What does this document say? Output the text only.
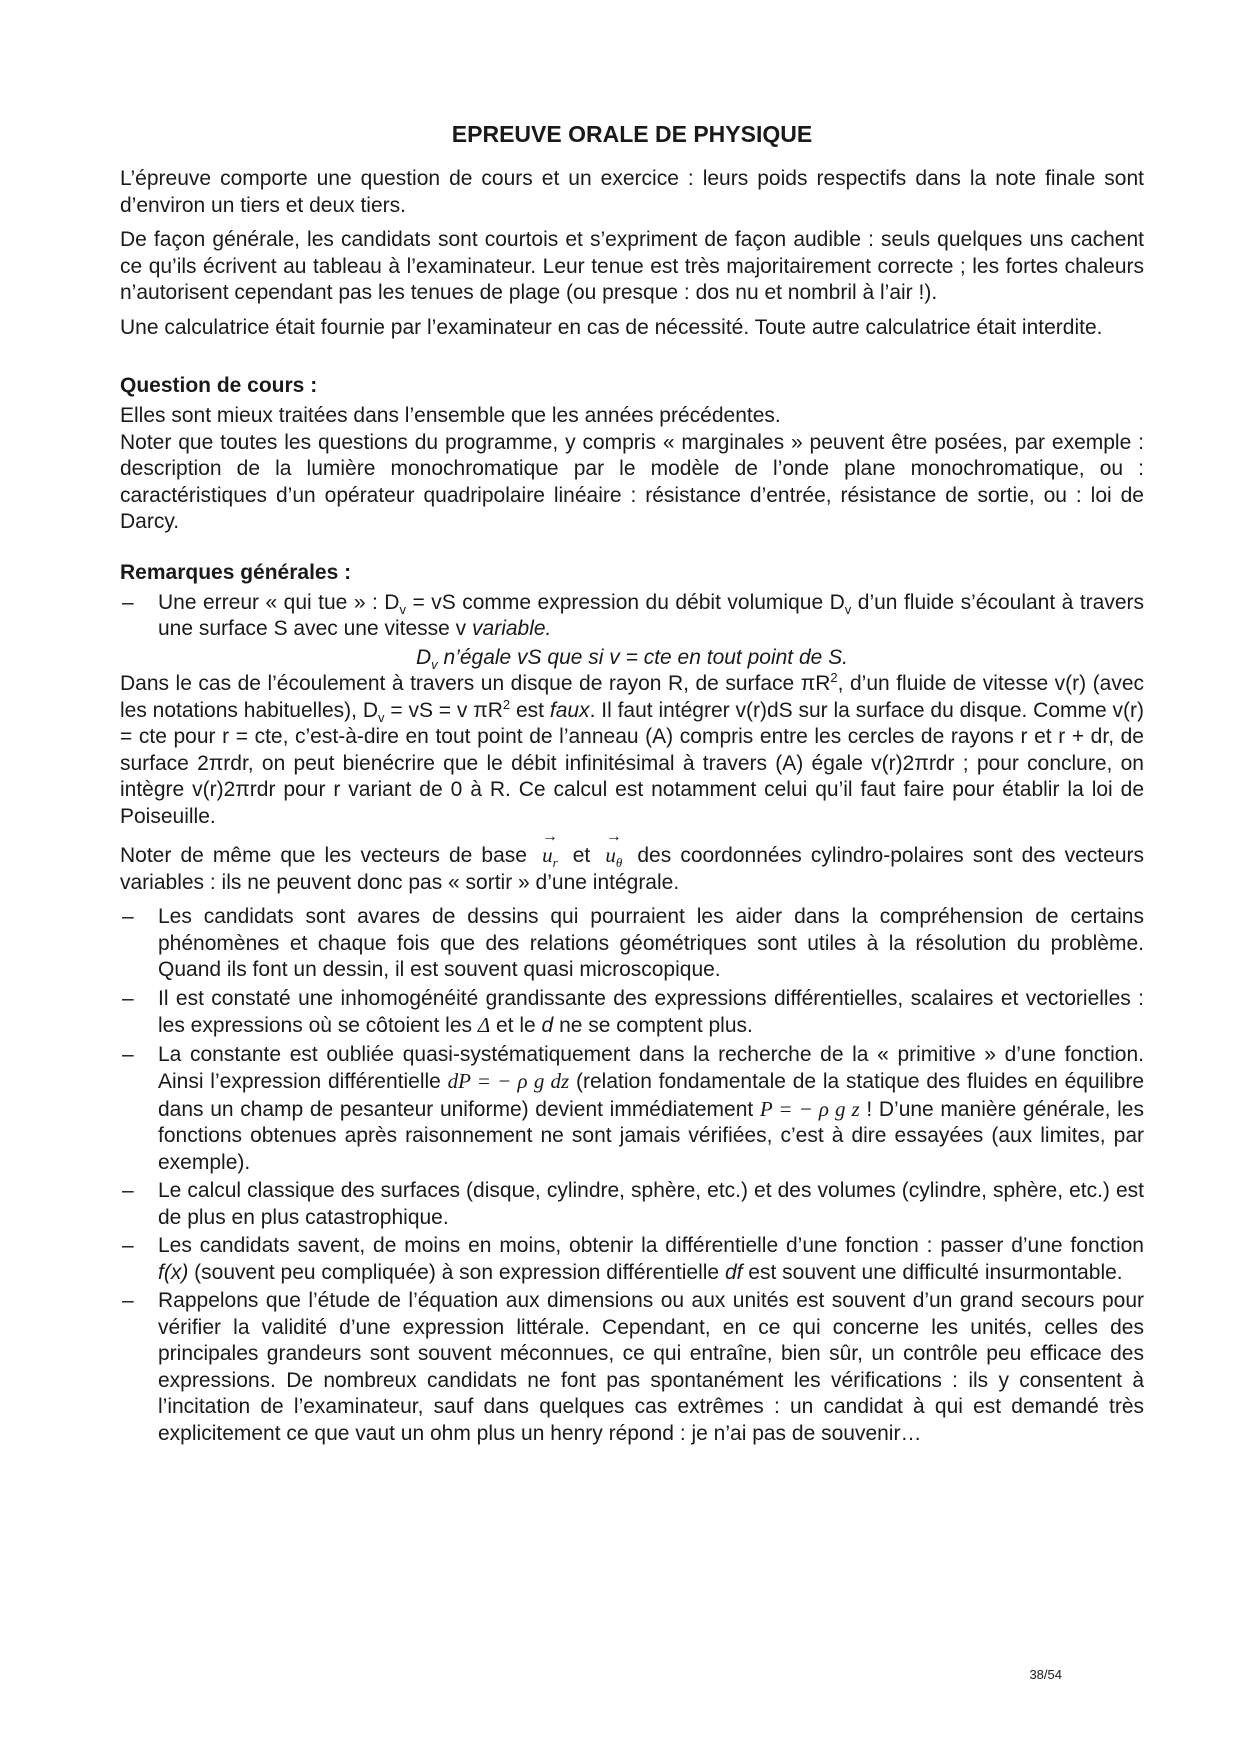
EPREUVE ORALE DE PHYSIQUE

L’épreuve comporte une question de cours et un exercice : leurs poids respectifs dans la note finale sont d’environ un tiers et deux tiers.

De façon générale, les candidats sont courtois et s’expriment de façon audible : seuls quelques uns cachent ce qu’ils écrivent au tableau à l’examinateur. Leur tenue est très majoritairement correcte ; les fortes chaleurs n’autorisent cependant pas les tenues de plage (ou presque : dos nu et nombril à l’air !).

Une calculatrice était fournie par l’examinateur en cas de nécessité. Toute autre calculatrice était interdite.

Question de cours :
Elles sont mieux traitées dans l’ensemble que les années précédentes.

Noter que toutes les questions du programme, y compris « marginales » peuvent être posées, par exemple : description de la lumière monochromatique par le modèle de l’onde plane monochromatique, ou : caractéristiques d’un opérateur quadripolaire linéaire : résistance d’entrée, résistance de sortie, ou : loi de Darcy.

Remarques générales :
– Une erreur « qui tue » : $D_v$ = vS comme expression du débit volumique $D_v$ d’un fluide s’écoulant à travers une surface S avec une vitesse v variable.
$D_v$ n’égale vS que si v = cte en tout point de S.

Dans le cas de l’écoulement à travers un disque de rayon R, de surface $\pi R^2$, d’un fluide de vitesse v(r) (avec les notations habituelles), $D_v$ = vS = v $\pi R^2$ est faux. Il faut intégrer v(r)dS sur la surface du disque. Comme v(r) = cte pour r = cte, c’est-à-dire en tout point de l’anneau (A) compris entre les cercles de rayons r et r + dr, de surface 2πrdr, on peut bienécrire que le débit infinitésimal à travers (A) égale v(r)2πrdr ; pour conclure, on intègre v(r)2πrdr pour r variant de 0 à R. Ce calcul est notamment celui qu’il faut faire pour établir la loi de Poiseuille.

Noter de même que les vecteurs de base → $u_r$ et → $u_\theta$ des coordonnées cylindro-polaires sont des vecteurs variables : ils ne peuvent donc pas « sortir » d’une intégrale.

– Les candidats sont avares de dessins qui pourraient les aider dans la compréhension de certains phénomènes et chaque fois que des relations géométriques sont utiles à la résolution du problème. Quand ils font un dessin, il est souvent quasi microscopique.
– Il est constaté une inhomogénéité grandissante des expressions différentielles, scalaires et vectorielles : les expressions où se côtoient les Δ et le d ne se comptent plus.
– La constante est oubliée quasi-systématiquement dans la recherche de la « primitive » d’une fonction. Ainsi l’expression différentielle dP = − ρ g dz (relation fondamentale de la statique des fluides en équilibre dans un champ de pesanteur uniforme) devient immédiatement P = − ρ g z ! D’une manière générale, les fonctions obtenues après raisonnement ne sont jamais vérifiées, c’est à dire essayées (aux limites, par exemple).
– Le calcul classique des surfaces (disque, cylindre, sphère, etc.) et des volumes (cylindre, sphère, etc.) est de plus en plus catastrophique.
– Les candidats savent, de moins en moins, obtenir la différentielle d’une fonction : passer d’une fonction f(x) (souvent peu compliquée) à son expression différentielle df est souvent une difficulté insurmontable.
– Rappelons que l’étude de l’équation aux dimensions ou aux unités est souvent d’un grand secours pour vérifier la validité d’une expression littérale. Cependant, en ce qui concerne les unités, celles des principales grandeurs sont souvent méconnues, ce qui entraîne, bien sûr, un contrôle peu efficace des expressions. De nombreux candidats ne font pas spontanément les vérifications : ils y consentent à l’incitation de l’examinateur, sauf dans quelques cas extrêmes : un candidat à qui est demandé très explicitement ce que vaut un ohm plus un henry répond : je n’ai pas de souvenir…
38/54
